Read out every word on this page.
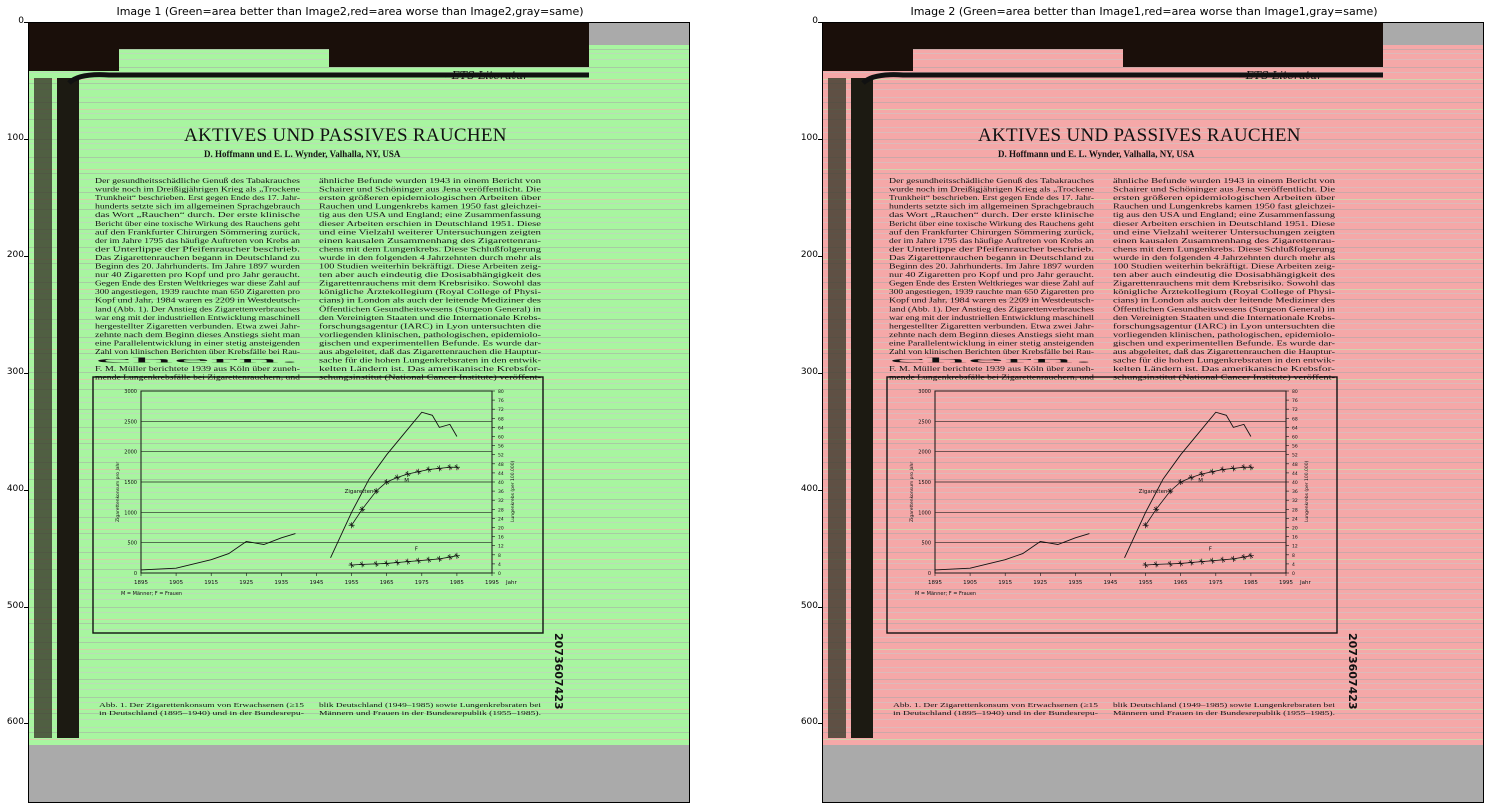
Image 1 (Green=area better than Image2,red=area worse than Image2,gray=same)
→ ETS Literatur
AKTIVES UND PASSIVES RAUCHEN
D. Hoffmann und E. L. Wynder, Valhalla, NY, USA
Der gesundheitsschädliche Genuß des Tabakrauches
wurde noch im Dreißigjährigen Krieg als „Trockene
Trunkheit“ beschrieben. Erst gegen Ende des 17. Jahr-
hunderts setzte sich im allgemeinen Sprachgebrauch
das Wort „Rauchen“ durch. Der erste klinische
Bericht über eine toxische Wirkung des Rauchens geht
auf den Frankfurter Chirurgen Sömmering zurück,
der im Jahre 1795 das häufige Auftreten von Krebs an
der Unterlippe der Pfeifenraucher beschrieb.
Das Zigarettenrauchen begann in Deutschland zu
Beginn des 20. Jahrhunderts. Im Jahre 1897 wurden
nur 40 Zigaretten pro Kopf und pro Jahr geraucht.
Gegen Ende des Ersten Weltkrieges war diese Zahl auf
300 angestiegen, 1939 rauchte man 650 Zigaretten pro
Kopf und Jahr, 1984 waren es 2209 in Westdeutsch-
land (Abb. 1). Der Anstieg des Zigarettenverbrauches
war eng mit der industriellen Entwicklung maschinell
hergestellter Zigaretten verbunden. Etwa zwei Jahr-
zehnte nach dem Beginn dieses Anstiegs sieht man
eine Parallelentwicklung in einer stetig ansteigenden
Zahl von klinischen Berichten über Krebsfälle bei Rau-
chern.
F. M. Müller berichtete 1939 aus Köln über zuneh-
mende Lungenkrebsfälle bei Zigarettenrauchern, und
ähnliche Befunde wurden 1943 in einem Bericht von
Schairer und Schöninger aus Jena veröffentlicht. Die
ersten größeren epidemiologischen Arbeiten über
Rauchen und Lungenkrebs kamen 1950 fast gleichzei-
tig aus den USA und England; eine Zusammenfassung
dieser Arbeiten erschien in Deutschland 1951. Diese
und eine Vielzahl weiterer Untersuchungen zeigten
einen kausalen Zusammenhang des Zigarettenrau-
chens mit dem Lungenkrebs. Diese Schlußfolgerung
wurde in den folgenden 4 Jahrzehnten durch mehr als
100 Studien weiterhin bekräftigt. Diese Arbeiten zeig-
ten aber auch eindeutig die Dosisabhängigkeit des
Zigarettenrauchens mit dem Krebsrisiko. Sowohl das
königliche Ärztekollegium (Royal College of Physi-
cians) in London als auch der leitende Mediziner des
Öffentlichen Gesundheitswesens (Surgeon General) in
den Vereinigten Staaten und die Internationale Krebs-
forschungsagentur (IARC) in Lyon untersuchten die
vorliegenden klinischen, pathologischen, epidemiolo-
gischen und experimentellen Befunde. Es wurde dar-
aus abgeleitet, daß das Zigarettenrauchen die Hauptur-
sache für die hohen Lungenkrebsraten in den entwik-
kelten Ländern ist. Das amerikanische Krebsfor-
schungsinstitut (National Cancer Institute) veröffent-
0
500
1000
1500
2000
2500
3000
0
4
8
12
16
20
24
28
32
36
40
44
48
52
56
60
64
68
72
76
80
1895	1905	1915	1925	1935	1945	1955	1965	1975	1985	1995 Jahr
Zigarettenkonsum pro Jahr	Lungenkrebs (per 100.000)
M = Männer; F = Frauen
Zigaretten
M
F
Abb. 1. Der Zigarettenkonsum von Erwachsenen (≥15
in Deutschland (1895–1940) und in der Bundesrepu-
blik Deutschland (1949–1985) sowie Lungenkrebsraten bei
Männern und Frauen in der Bundesrepublik (1955–1985).
2073607423
0
100
200
300
400
500
600
Image 2 (Green=area better than Image1,red=area worse than Image1,gray=same)
→ ETS Literatur
AKTIVES UND PASSIVES RAUCHEN
D. Hoffmann und E. L. Wynder, Valhalla, NY, USA
Der gesundheitsschädliche Genuß des Tabakrauches
wurde noch im Dreißigjährigen Krieg als „Trockene
Trunkheit“ beschrieben. Erst gegen Ende des 17. Jahr-
hunderts setzte sich im allgemeinen Sprachgebrauch
das Wort „Rauchen“ durch. Der erste klinische
Bericht über eine toxische Wirkung des Rauchens geht
auf den Frankfurter Chirurgen Sömmering zurück,
der im Jahre 1795 das häufige Auftreten von Krebs an
der Unterlippe der Pfeifenraucher beschrieb.
Das Zigarettenrauchen begann in Deutschland zu
Beginn des 20. Jahrhunderts. Im Jahre 1897 wurden
nur 40 Zigaretten pro Kopf und pro Jahr geraucht.
Gegen Ende des Ersten Weltkrieges war diese Zahl auf
300 angestiegen, 1939 rauchte man 650 Zigaretten pro
Kopf und Jahr, 1984 waren es 2209 in Westdeutsch-
land (Abb. 1). Der Anstieg des Zigarettenverbrauches
war eng mit der industriellen Entwicklung maschinell
hergestellter Zigaretten verbunden. Etwa zwei Jahr-
zehnte nach dem Beginn dieses Anstiegs sieht man
eine Parallelentwicklung in einer stetig ansteigenden
Zahl von klinischen Berichten über Krebsfälle bei Rau-
chern.
F. M. Müller berichtete 1939 aus Köln über zuneh-
mende Lungenkrebsfälle bei Zigarettenrauchern, und
ähnliche Befunde wurden 1943 in einem Bericht von
Schairer und Schöninger aus Jena veröffentlicht. Die
ersten größeren epidemiologischen Arbeiten über
Rauchen und Lungenkrebs kamen 1950 fast gleichzei-
tig aus den USA und England; eine Zusammenfassung
dieser Arbeiten erschien in Deutschland 1951. Diese
und eine Vielzahl weiterer Untersuchungen zeigten
einen kausalen Zusammenhang des Zigarettenrau-
chens mit dem Lungenkrebs. Diese Schlußfolgerung
wurde in den folgenden 4 Jahrzehnten durch mehr als
100 Studien weiterhin bekräftigt. Diese Arbeiten zeig-
ten aber auch eindeutig die Dosisabhängigkeit des
Zigarettenrauchens mit dem Krebsrisiko. Sowohl das
königliche Ärztekollegium (Royal College of Physi-
cians) in London als auch der leitende Mediziner des
Öffentlichen Gesundheitswesens (Surgeon General) in
den Vereinigten Staaten und die Internationale Krebs-
forschungsagentur (IARC) in Lyon untersuchten die
vorliegenden klinischen, pathologischen, epidemiolo-
gischen und experimentellen Befunde. Es wurde dar-
aus abgeleitet, daß das Zigarettenrauchen die Hauptur-
sache für die hohen Lungenkrebsraten in den entwik-
kelten Ländern ist. Das amerikanische Krebsfor-
schungsinstitut (National Cancer Institute) veröffent-
0
500
1000
1500
2000
2500
3000
0
4
8
12
16
20
24
28
32
36
40
44
48
52
56
60
64
68
72
76
80
1895	1905	1915	1925	1935	1945	1955	1965	1975	1985	1995 Jahr
Zigarettenkonsum pro Jahr	Lungenkrebs (per 100.000)
M = Männer; F = Frauen
Zigaretten
M
F
Abb. 1. Der Zigarettenkonsum von Erwachsenen (≥15
in Deutschland (1895–1940) und in der Bundesrepu-
blik Deutschland (1949–1985) sowie Lungenkrebsraten bei
Männern und Frauen in der Bundesrepublik (1955–1985).
2073607423
0
100
200
300
400
500
600
